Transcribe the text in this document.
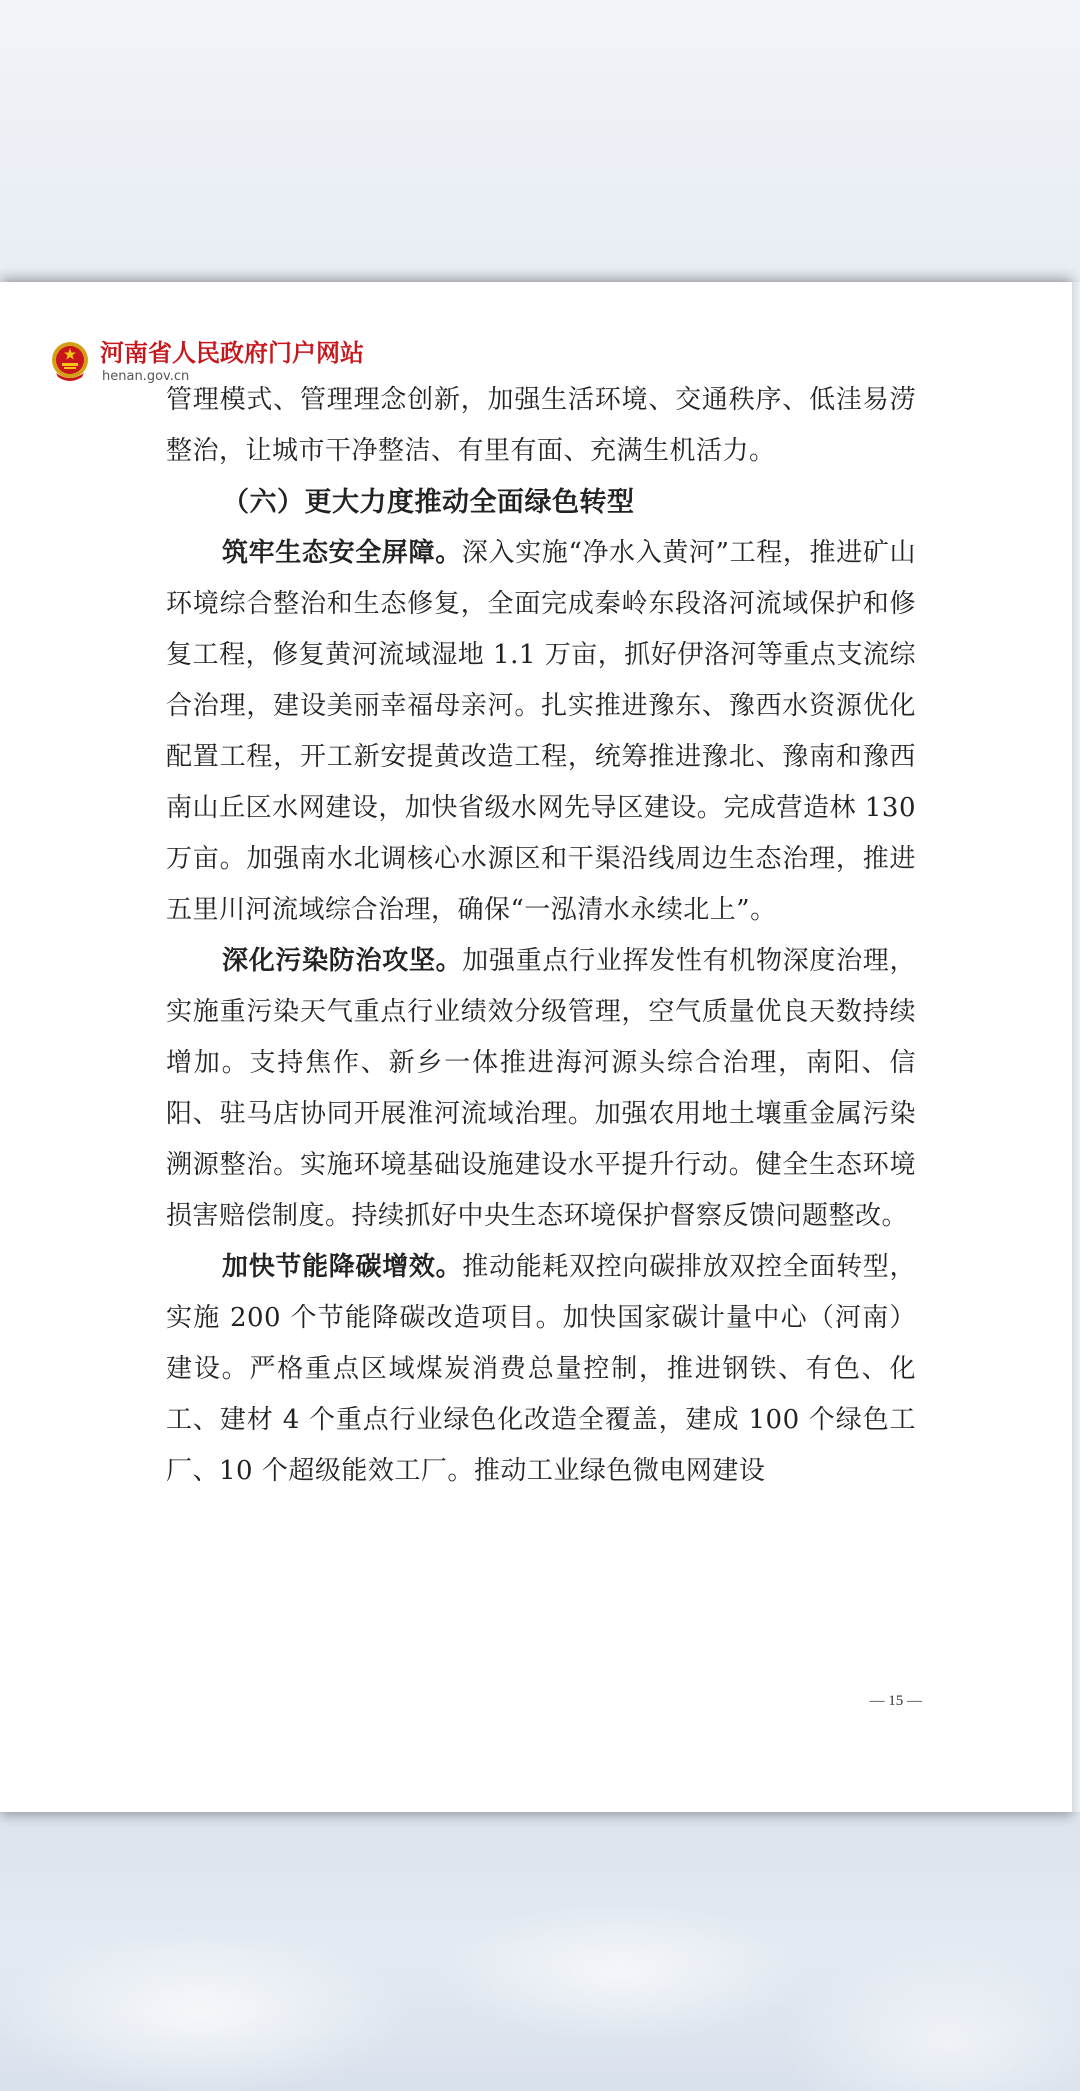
河南省人民政府门户网站
henan.gov.cn

管理模式、管理理念创新，加强生活环境、交通秩序、低洼易涝整治，让城市干净整洁、有里有面、充满生机活力。

（六）更大力度推动全面绿色转型

筑牢生态安全屏障。深入实施“净水入黄河”工程，推进矿山环境综合整治和生态修复，全面完成秦岭东段洛河流域保护和修复工程，修复黄河流域湿地 1.1 万亩，抓好伊洛河等重点支流综合治理，建设美丽幸福母亲河。扎实推进豫东、豫西水资源优化配置工程，开工新安提黄改造工程，统筹推进豫北、豫南和豫西南山丘区水网建设，加快省级水网先导区建设。完成营造林 130 万亩。加强南水北调核心水源区和干渠沿线周边生态治理，推进五里川河流域综合治理，确保“一泓清水永续北上”。

深化污染防治攻坚。加强重点行业挥发性有机物深度治理，实施重污染天气重点行业绩效分级管理，空气质量优良天数持续增加。支持焦作、新乡一体推进海河源头综合治理，南阳、信阳、驻马店协同开展淮河流域治理。加强农用地土壤重金属污染溯源整治。实施环境基础设施建设水平提升行动。健全生态环境损害赔偿制度。持续抓好中央生态环境保护督察反馈问题整改。

加快节能降碳增效。推动能耗双控向碳排放双控全面转型，实施 200 个节能降碳改造项目。加快国家碳计量中心（河南）建设。严格重点区域煤炭消费总量控制，推进钢铁、有色、化工、建材 4 个重点行业绿色化改造全覆盖，建成 100 个绿色工厂、10 个超级能效工厂。推动工业绿色微电网建设

— 15 —
